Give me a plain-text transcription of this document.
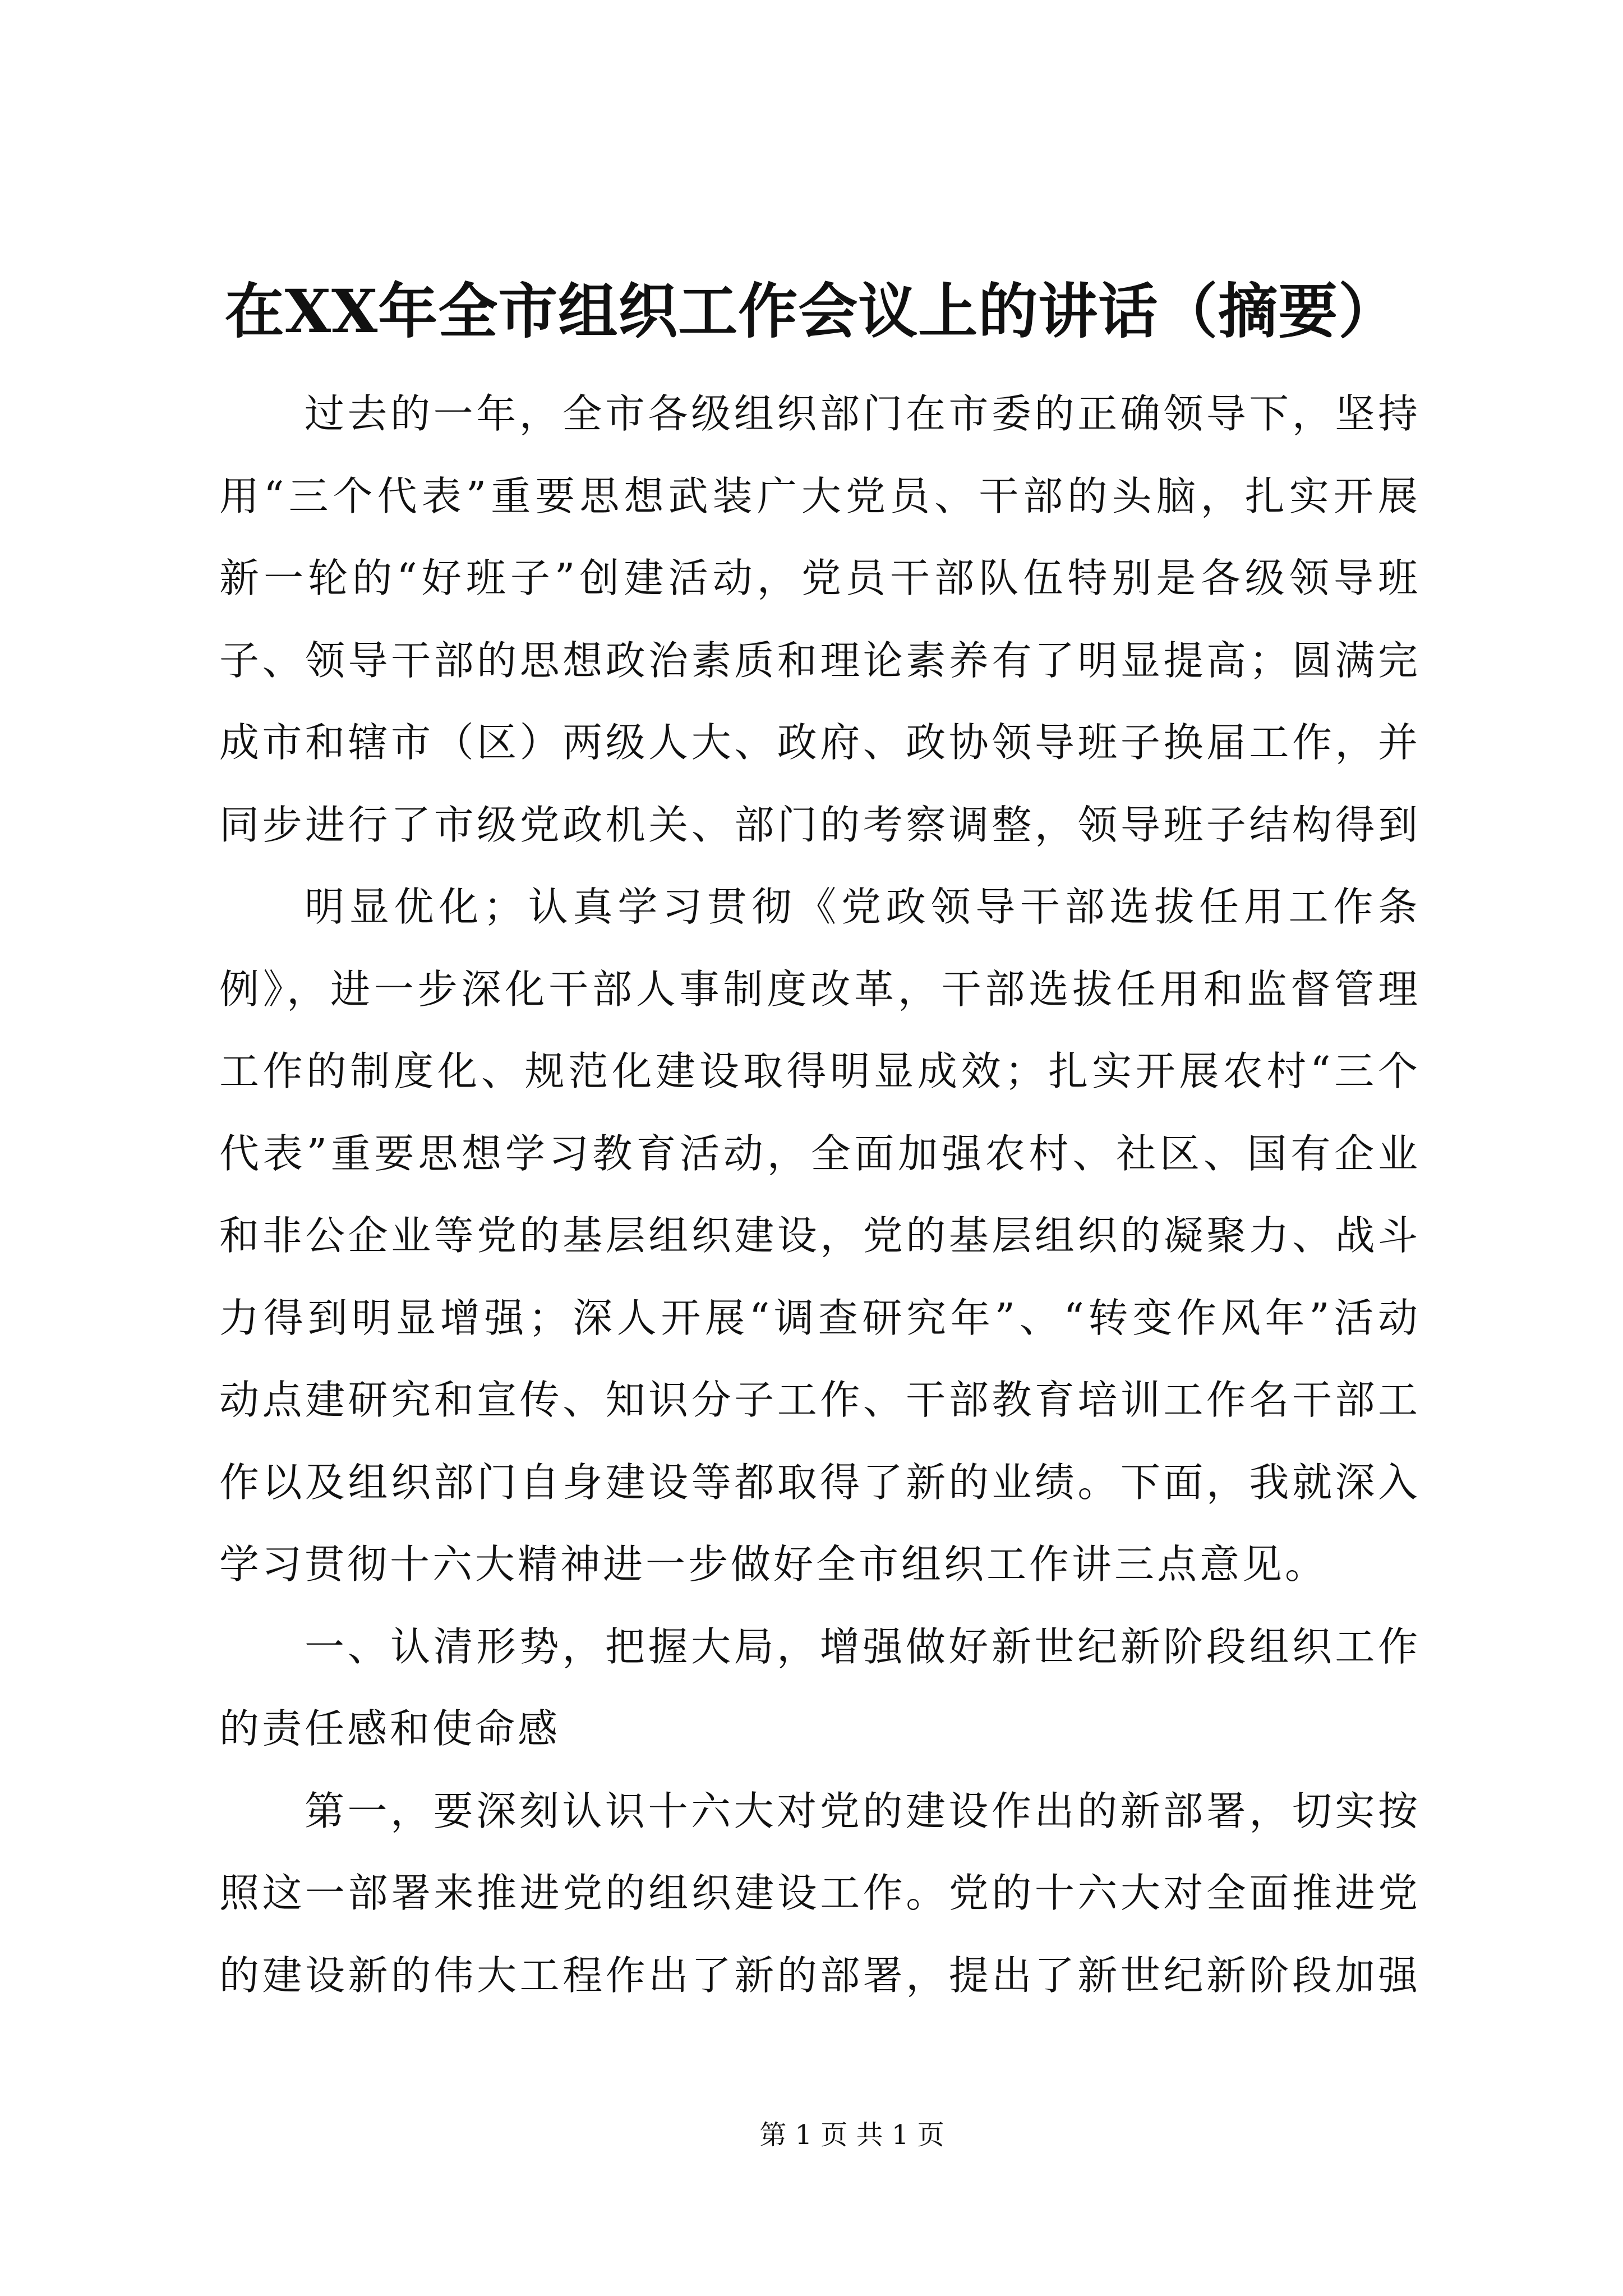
在XX年全市组织工作会议上的讲话（摘要）
过去的一年，全市各级组织部门在市委的正确领导下，坚持
用“三个代表”重要思想武装广大党员、干部的头脑，扎实开展
新一轮的“好班子”创建活动，党员干部队伍特别是各级领导班
子、领导干部的思想政治素质和理论素养有了明显提高；圆满完
成市和辖市（区）两级人大、政府、政协领导班子换届工作，并
同步进行了市级党政机关、部门的考察调整，领导班子结构得到
明显优化；认真学习贯彻《党政领导干部选拔任用工作条
例》，进一步深化干部人事制度改革，干部选拔任用和监督管理
工作的制度化、规范化建设取得明显成效；扎实开展农村“三个
代表”重要思想学习教育活动，全面加强农村、社区、国有企业
和非公企业等党的基层组织建设，党的基层组织的凝聚力、战斗
力得到明显增强；深人开展“调查研究年”、“转变作风年”活动
动点建研究和宣传、知识分子工作、干部教育培训工作名干部工
作以及组织部门自身建设等都取得了新的业绩。下面，我就深入
学习贯彻十六大精神进一步做好全市组织工作讲三点意见。
一、认清形势，把握大局，增强做好新世纪新阶段组织工作
的责任感和使命感
第一，要深刻认识十六大对党的建设作出的新部署，切实按
照这一部署来推进党的组织建设工作。党的十六大对全面推进党
的建设新的伟大工程作出了新的部署，提出了新世纪新阶段加强
第 1 页 共 1 页
